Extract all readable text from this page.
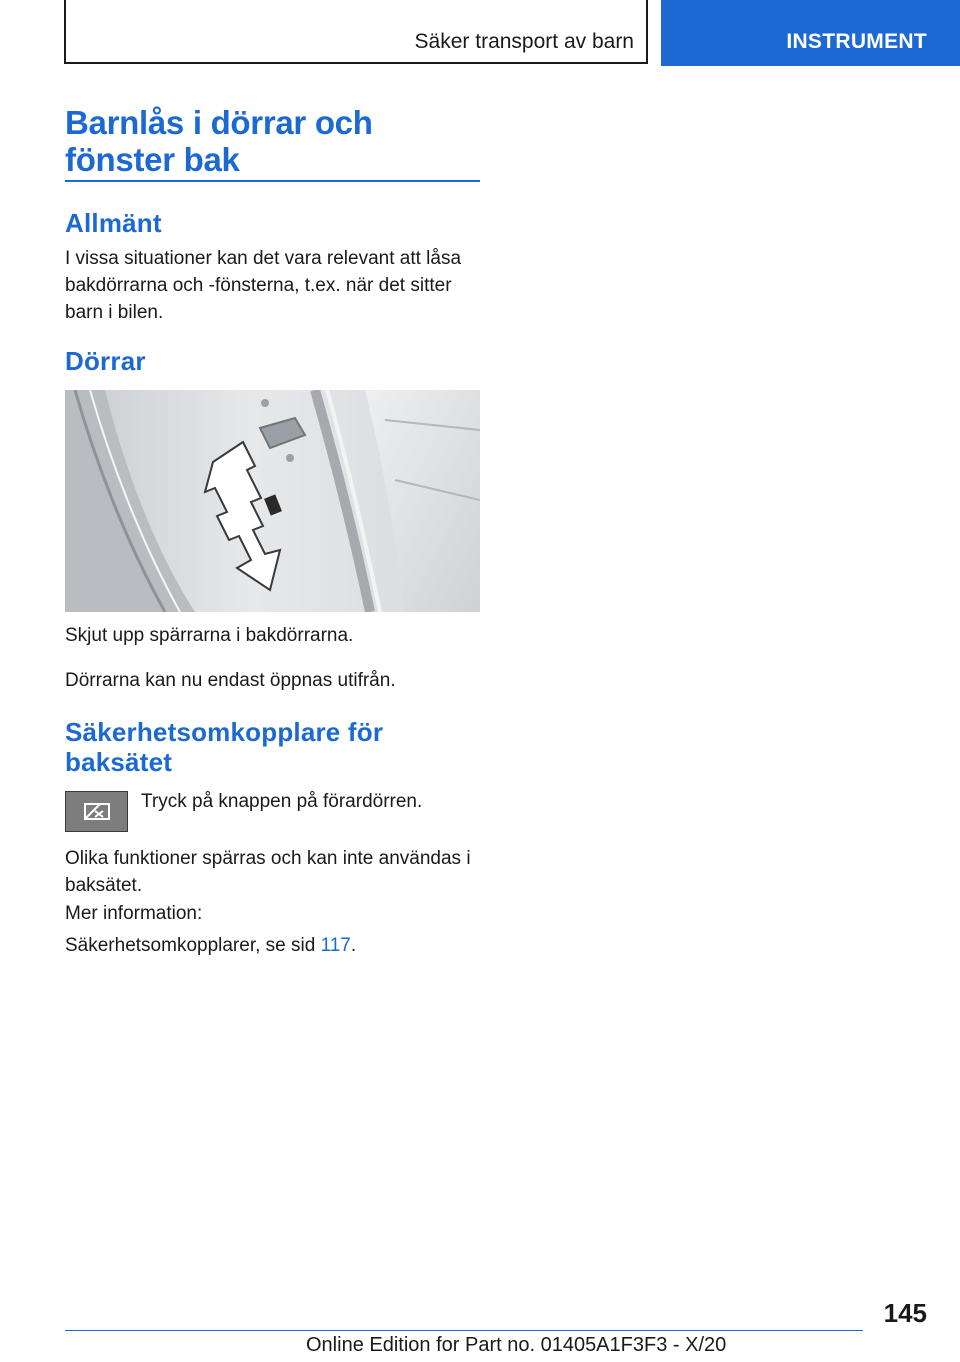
Säker transport av barn	INSTRUMENT
Barnlås i dörrar och fönster bak
Allmänt

I vissa situationer kan det vara relevant att låsa bakdörrarna och -fönsterna, t.ex. när det sitter barn i bilen.

Dörrar

Skjut upp spärrarna i bakdörrarna.

Dörrarna kan nu endast öppnas utifrån.

Säkerhetsomkopplare för baksätet

Tryck på knappen på förardörren.

Olika funktioner spärras och kan inte användas i baksätet.

Mer information:

Säkerhetsomkopplarer, se sid 117.

145
Online Edition for Part no. 01405A1F3F3 - X/20
